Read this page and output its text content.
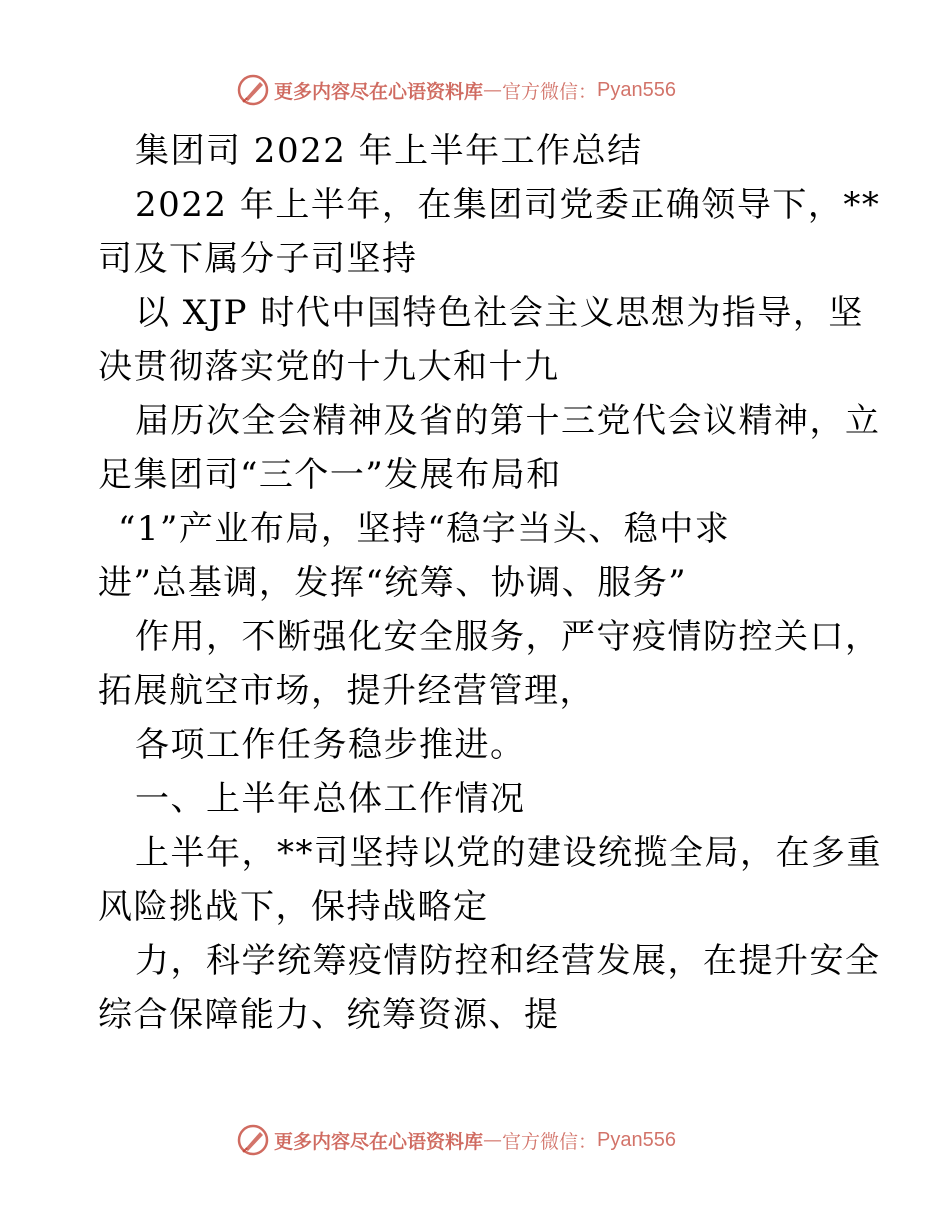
更多内容尽在心语资料库 — 官方微信： Pyan556
集团司 2022 年上半年工作总结
2022 年上半年，在集团司党委正确领导下，**
司及下属分子司坚持
以 XJP 时代中国特色社会主义思想为指导，坚
决贯彻落实党的十九大和十九
届历次全会精神及省的第十三党代会议精神，立
足集团司“三个一”发展布局和
“1”产业布局，坚持“稳字当头、稳中求
进”总基调，发挥“统筹、协调、服务”
作用，不断强化安全服务，严守疫情防控关口，
拓展航空市场，提升经营管理，
各项工作任务稳步推进。
一、上半年总体工作情况
上半年，**司坚持以党的建设统揽全局，在多重
风险挑战下，保持战略定
力，科学统筹疫情防控和经营发展，在提升安全
综合保障能力、统筹资源、提
更多内容尽在心语资料库 — 官方微信： Pyan556
